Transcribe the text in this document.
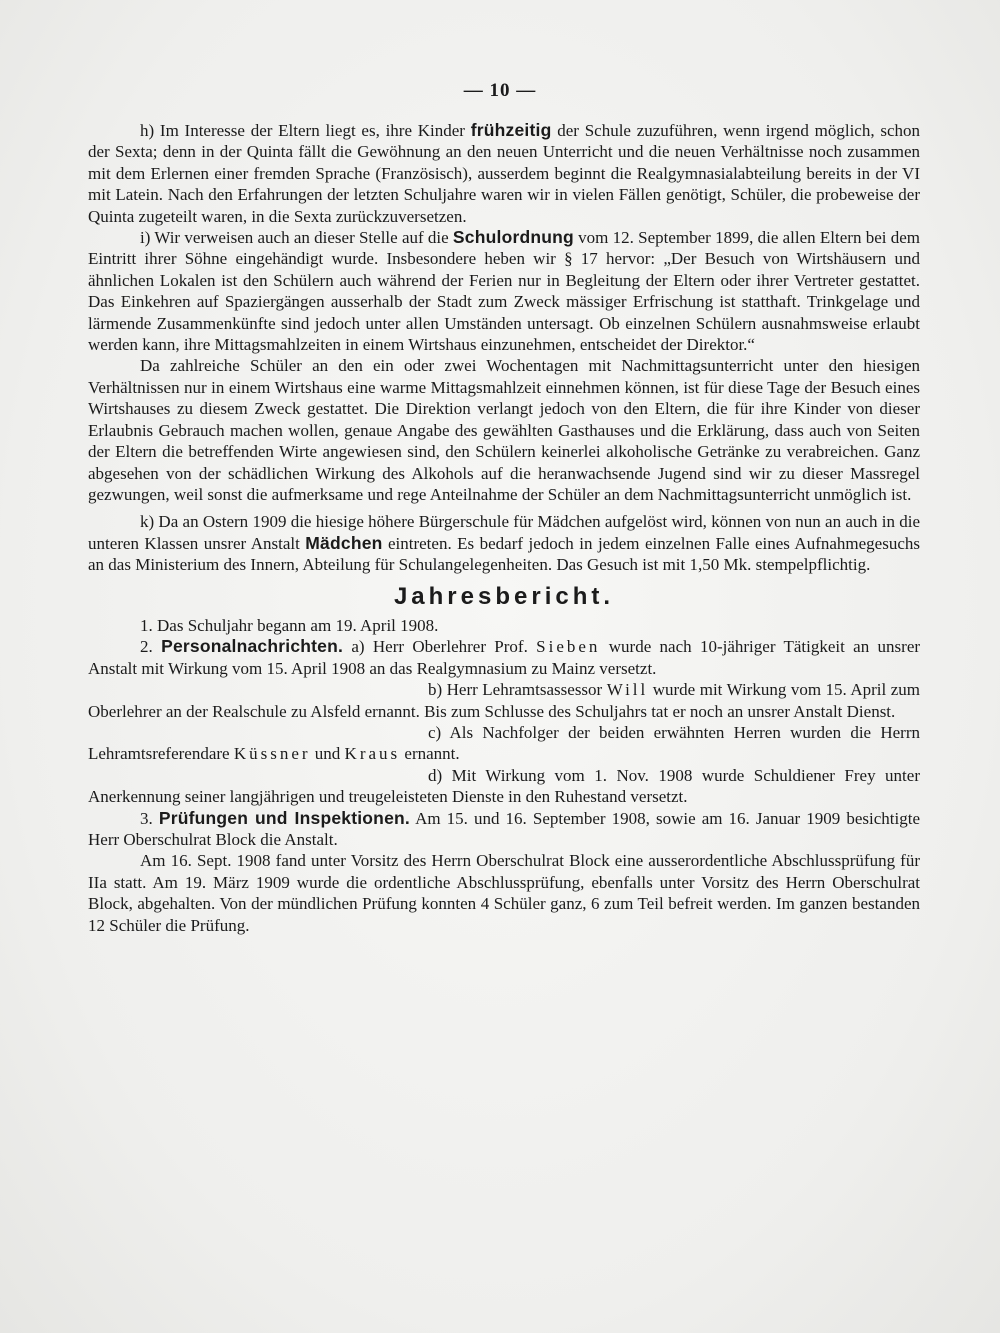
— 10 —

h) Im Interesse der Eltern liegt es, ihre Kinder frühzeitig der Schule zuzuführen, wenn irgend möglich, schon der Sexta; denn in der Quinta fällt die Gewöhnung an den neuen Unterricht und die neuen Verhältnisse noch zusammen mit dem Erlernen einer fremden Sprache (Französisch), ausserdem beginnt die Realgymnasialabteilung bereits in der VI mit Latein. Nach den Erfahrungen der letzten Schuljahre waren wir in vielen Fällen genötigt, Schüler, die probeweise der Quinta zugeteilt waren, in die Sexta zurückzuversetzen.

i) Wir verweisen auch an dieser Stelle auf die Schulordnung vom 12. September 1899, die allen Eltern bei dem Eintritt ihrer Söhne eingehändigt wurde. Insbesondere heben wir § 17 hervor: „Der Besuch von Wirtshäusern und ähnlichen Lokalen ist den Schülern auch während der Ferien nur in Begleitung der Eltern oder ihrer Vertreter gestattet. Das Einkehren auf Spaziergängen ausserhalb der Stadt zum Zweck mässiger Erfrischung ist statthaft. Trinkgelage und lärmende Zusammenkünfte sind jedoch unter allen Umständen untersagt. Ob einzelnen Schülern ausnahmsweise erlaubt werden kann, ihre Mittagsmahlzeiten in einem Wirtshaus einzunehmen, entscheidet der Direktor.“

Da zahlreiche Schüler an den ein oder zwei Wochentagen mit Nachmittagsunterricht unter den hiesigen Verhältnissen nur in einem Wirtshaus eine warme Mittagsmahlzeit einnehmen können, ist für diese Tage der Besuch eines Wirtshauses zu diesem Zweck gestattet. Die Direktion verlangt jedoch von den Eltern, die für ihre Kinder von dieser Erlaubnis Gebrauch machen wollen, genaue Angabe des gewählten Gasthauses und die Erklärung, dass auch von Seiten der Eltern die betreffenden Wirte angewiesen sind, den Schülern keinerlei alkoholische Getränke zu verabreichen. Ganz abgesehen von der schädlichen Wirkung des Alkohols auf die heranwachsende Jugend sind wir zu dieser Massregel gezwungen, weil sonst die aufmerksame und rege Anteilnahme der Schüler an dem Nachmittagsunterricht unmöglich ist.

k) Da an Ostern 1909 die hiesige höhere Bürgerschule für Mädchen aufgelöst wird, können von nun an auch in die unteren Klassen unsrer Anstalt Mädchen eintreten. Es bedarf jedoch in jedem einzelnen Falle eines Aufnahmegesuchs an das Ministerium des Innern, Abteilung für Schulangelegenheiten. Das Gesuch ist mit 1,50 Mk. stempelpflichtig.

Jahresbericht.

1. Das Schuljahr begann am 19. April 1908.

2. Personalnachrichten. a) Herr Oberlehrer Prof. Sieben wurde nach 10-jähriger Tätigkeit an unsrer Anstalt mit Wirkung vom 15. April 1908 an das Realgymnasium zu Mainz versetzt.

b) Herr Lehramtsassessor Will wurde mit Wirkung vom 15. April zum Oberlehrer an der Realschule zu Alsfeld ernannt. Bis zum Schlusse des Schuljahrs tat er noch an unsrer Anstalt Dienst.

c) Als Nachfolger der beiden erwähnten Herren wurden die Herrn Lehramtsreferendare Küssner und Kraus ernannt.

d) Mit Wirkung vom 1. Nov. 1908 wurde Schuldiener Frey unter Anerkennung seiner langjährigen und treugeleisteten Dienste in den Ruhestand versetzt.

3. Prüfungen und Inspektionen. Am 15. und 16. September 1908, sowie am 16. Januar 1909 besichtigte Herr Oberschulrat Block die Anstalt.

Am 16. Sept. 1908 fand unter Vorsitz des Herrn Oberschulrat Block eine ausserordentliche Abschlussprüfung für IIa statt. Am 19. März 1909 wurde die ordentliche Abschlussprüfung, ebenfalls unter Vorsitz des Herrn Oberschulrat Block, abgehalten. Von der mündlichen Prüfung konnten 4 Schüler ganz, 6 zum Teil befreit werden. Im ganzen bestanden 12 Schüler die Prüfung.
